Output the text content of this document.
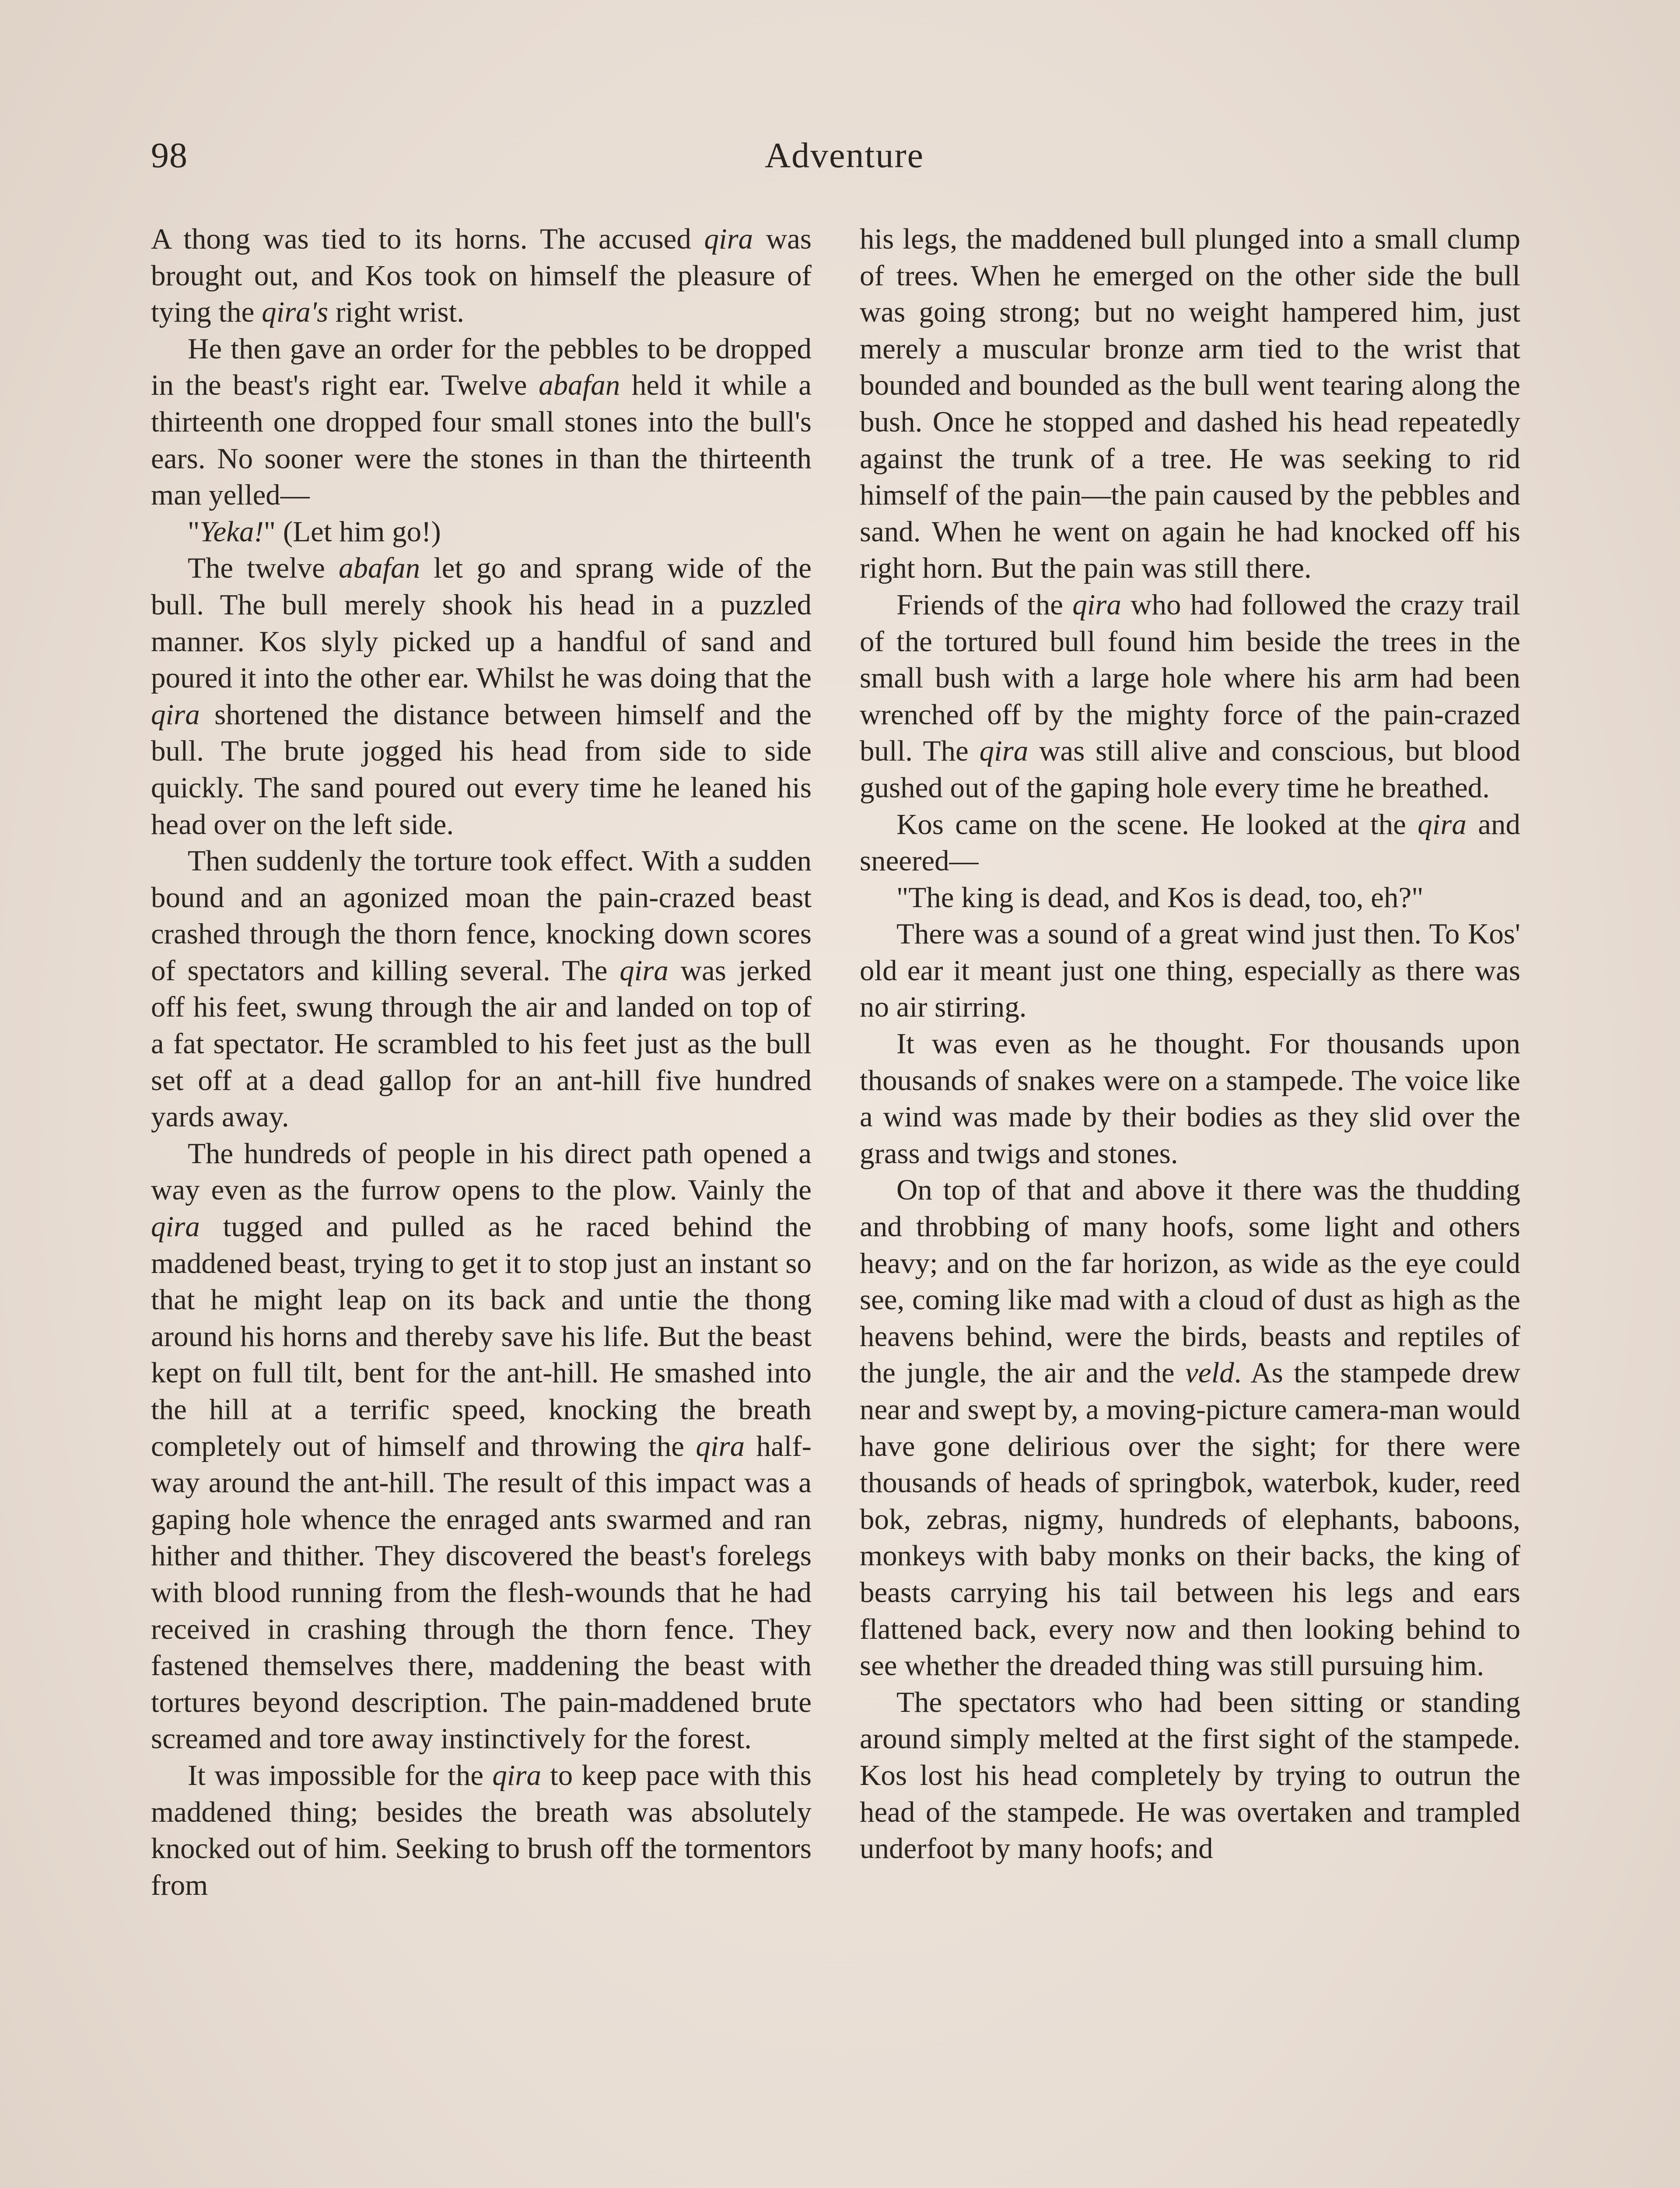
98	Adventure

A thong was tied to its horns. The accused qira was brought out, and Kos took on himself the pleasure of tying the qira's right wrist.

He then gave an order for the pebbles to be dropped in the beast's right ear. Twelve abafan held it while a thirteenth one dropped four small stones into the bull's ears. No sooner were the stones in than the thirteenth man yelled—

"Yeka!" (Let him go!)

The twelve abafan let go and sprang wide of the bull. The bull merely shook his head in a puzzled manner. Kos slyly picked up a handful of sand and poured it into the other ear. Whilst he was doing that the qira shortened the distance between himself and the bull. The brute jogged his head from side to side quickly. The sand poured out every time he leaned his head over on the left side.

Then suddenly the torture took effect. With a sudden bound and an agonized moan the pain-crazed beast crashed through the thorn fence, knocking down scores of spectators and killing several. The qira was jerked off his feet, swung through the air and landed on top of a fat spectator. He scrambled to his feet just as the bull set off at a dead gallop for an ant-hill five hundred yards away.

The hundreds of people in his direct path opened a way even as the furrow opens to the plow. Vainly the qira tugged and pulled as he raced behind the maddened beast, trying to get it to stop just an instant so that he might leap on its back and untie the thong around his horns and thereby save his life. But the beast kept on full tilt, bent for the ant-hill. He smashed into the hill at a terrific speed, knocking the breath completely out of himself and throwing the qira half-way around the ant-hill. The result of this impact was a gaping hole whence the enraged ants swarmed and ran hither and thither. They discovered the beast's forelegs with blood running from the flesh-wounds that he had received in crashing through the thorn fence. They fastened themselves there, maddening the beast with tortures beyond description. The pain-maddened brute screamed and tore away instinctively for the forest.

It was impossible for the qira to keep pace with this maddened thing; besides the breath was absolutely knocked out of him. Seeking to brush off the tormentors from

his legs, the maddened bull plunged into a small clump of trees. When he emerged on the other side the bull was going strong; but no weight hampered him, just merely a muscular bronze arm tied to the wrist that bounded and bounded as the bull went tearing along the bush. Once he stopped and dashed his head repeatedly against the trunk of a tree. He was seeking to rid himself of the pain—the pain caused by the pebbles and sand. When he went on again he had knocked off his right horn. But the pain was still there.

Friends of the qira who had followed the crazy trail of the tortured bull found him beside the trees in the small bush with a large hole where his arm had been wrenched off by the mighty force of the pain-crazed bull. The qira was still alive and conscious, but blood gushed out of the gaping hole every time he breathed.

Kos came on the scene. He looked at the qira and sneered—

"The king is dead, and Kos is dead, too, eh?"

There was a sound of a great wind just then. To Kos' old ear it meant just one thing, especially as there was no air stirring.

It was even as he thought. For thousands upon thousands of snakes were on a stampede. The voice like a wind was made by their bodies as they slid over the grass and twigs and stones.

On top of that and above it there was the thudding and throbbing of many hoofs, some light and others heavy; and on the far horizon, as wide as the eye could see, coming like mad with a cloud of dust as high as the heavens behind, were the birds, beasts and reptiles of the jungle, the air and the veld. As the stampede drew near and swept by, a moving-picture camera-man would have gone delirious over the sight; for there were thousands of heads of springbok, waterbok, kuder, reed bok, zebras, nigmy, hundreds of elephants, baboons, monkeys with baby monks on their backs, the king of beasts carrying his tail between his legs and ears flattened back, every now and then looking behind to see whether the dreaded thing was still pursuing him.

The spectators who had been sitting or standing around simply melted at the first sight of the stampede. Kos lost his head completely by trying to outrun the head of the stampede. He was overtaken and trampled underfoot by many hoofs; and
